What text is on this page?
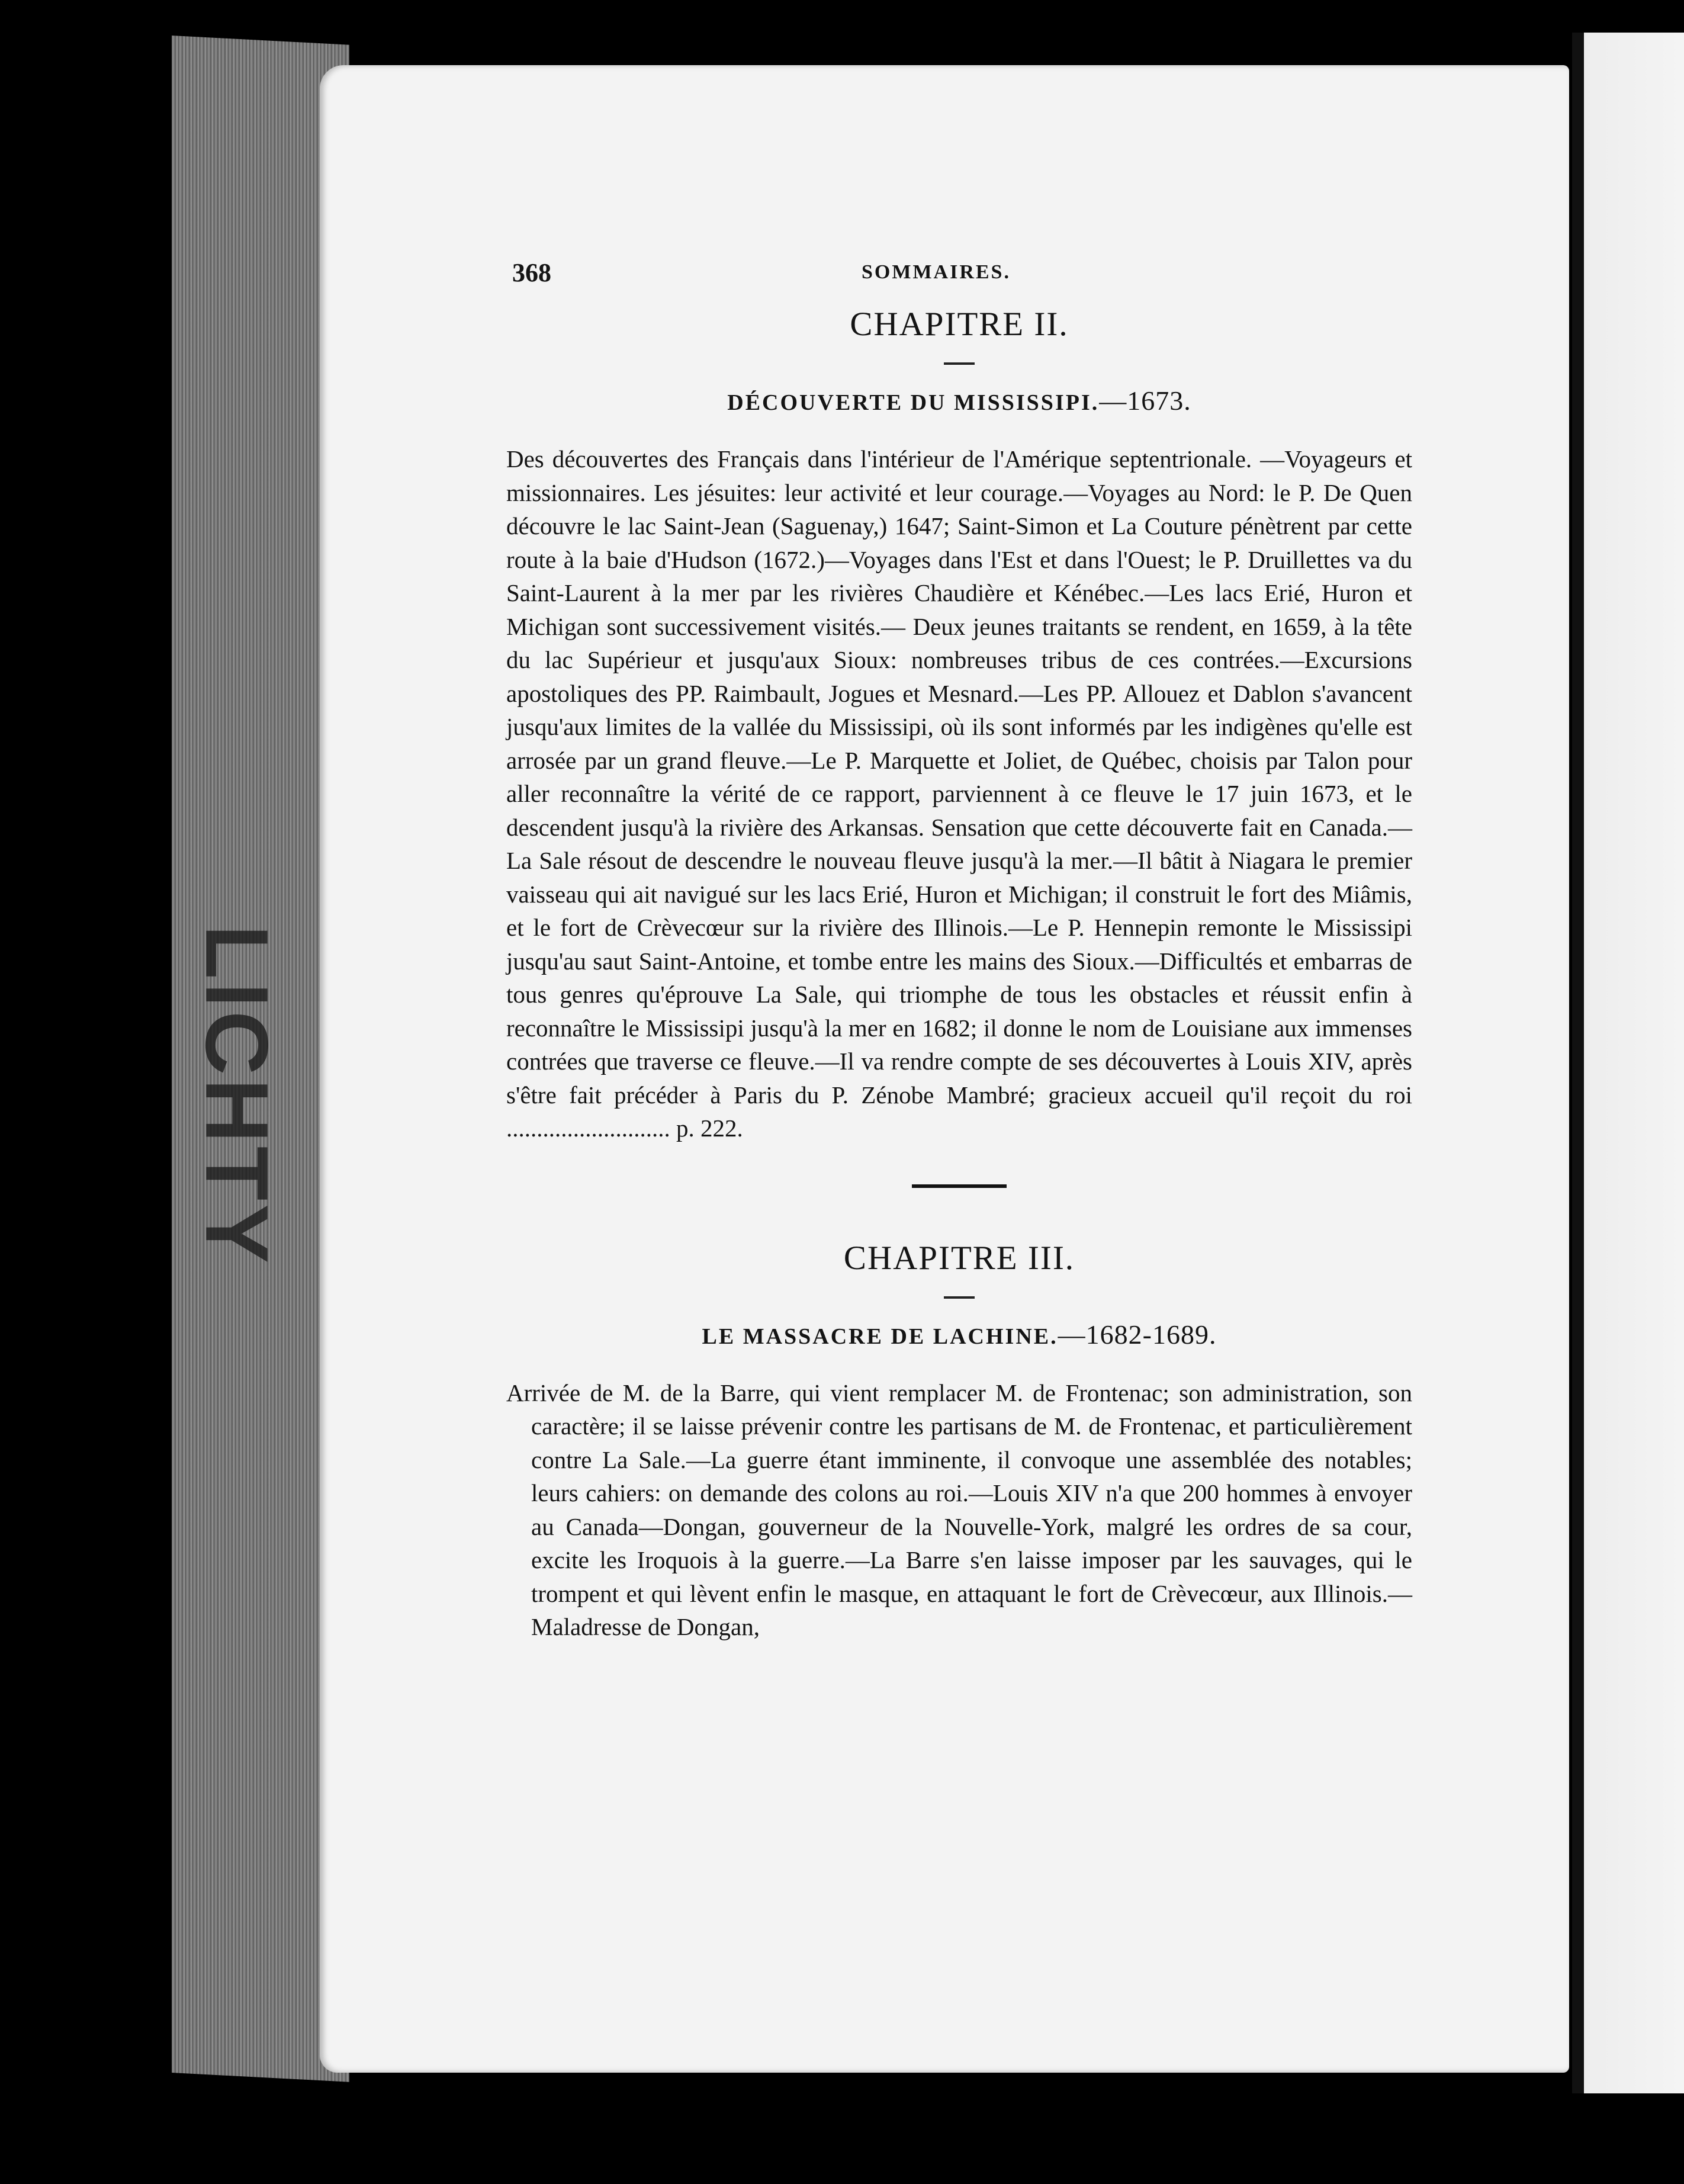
LICHTY
368	SOMMAIRES.
CHAPITRE II.
DÉCOUVERTE DU MISSISSIPI.—1673.

Des découvertes des Français dans l'intérieur de l'Amérique septentrionale. —Voyageurs et missionnaires. Les jésuites: leur activité et leur courage.—Voyages au Nord: le P. De Quen découvre le lac Saint-Jean (Saguenay,) 1647; Saint-Simon et La Couture pénètrent par cette route à la baie d'Hudson (1672.)—Voyages dans l'Est et dans l'Ouest; le P. Druillettes va du Saint-Laurent à la mer par les rivières Chaudière et Kénébec.—Les lacs Erié, Huron et Michigan sont successivement visités.— Deux jeunes traitants se rendent, en 1659, à la tête du lac Supérieur et jusqu'aux Sioux: nombreuses tribus de ces contrées.—Excursions apostoliques des PP. Raimbault, Jogues et Mesnard.—Les PP. Allouez et Dablon s'avancent jusqu'aux limites de la vallée du Mississipi, où ils sont informés par les indigènes qu'elle est arrosée par un grand fleuve.—Le P. Marquette et Joliet, de Québec, choisis par Talon pour aller reconnaître la vérité de ce rapport, parviennent à ce fleuve le 17 juin 1673, et le descendent jusqu'à la rivière des Arkansas. Sensation que cette découverte fait en Canada.—La Sale résout de descendre le nouveau fleuve jusqu'à la mer.—Il bâtit à Niagara le premier vaisseau qui ait navigué sur les lacs Erié, Huron et Michigan; il construit le fort des Miâmis, et le fort de Crèvecœur sur la rivière des Illinois.—Le P. Hennepin remonte le Mississipi jusqu'au saut Saint-Antoine, et tombe entre les mains des Sioux.—Difficultés et embarras de tous genres qu'éprouve La Sale, qui triomphe de tous les obstacles et réussit enfin à reconnaître le Mississipi jusqu'à la mer en 1682; il donne le nom de Louisiane aux immenses contrées que traverse ce fleuve.—Il va rendre compte de ses découvertes à Louis XIV, après s'être fait précéder à Paris du P. Zénobe Mambré; gracieux accueil qu'il reçoit du roi ........................... p. 222.

CHAPITRE III.
LE MASSACRE DE LACHINE.—1682-1689.

Arrivée de M. de la Barre, qui vient remplacer M. de Frontenac; son administration, son caractère; il se laisse prévenir contre les partisans de M. de Frontenac, et particulièrement contre La Sale.—La guerre étant imminente, il convoque une assemblée des notables; leurs cahiers: on demande des colons au roi.—Louis XIV n'a que 200 hommes à envoyer au Canada—Dongan, gouverneur de la Nouvelle-York, malgré les ordres de sa cour, excite les Iroquois à la guerre.—La Barre s'en laisse imposer par les sauvages, qui le trompent et qui lèvent enfin le masque, en attaquant le fort de Crèvecœur, aux Illinois.—Maladresse de Dongan,
